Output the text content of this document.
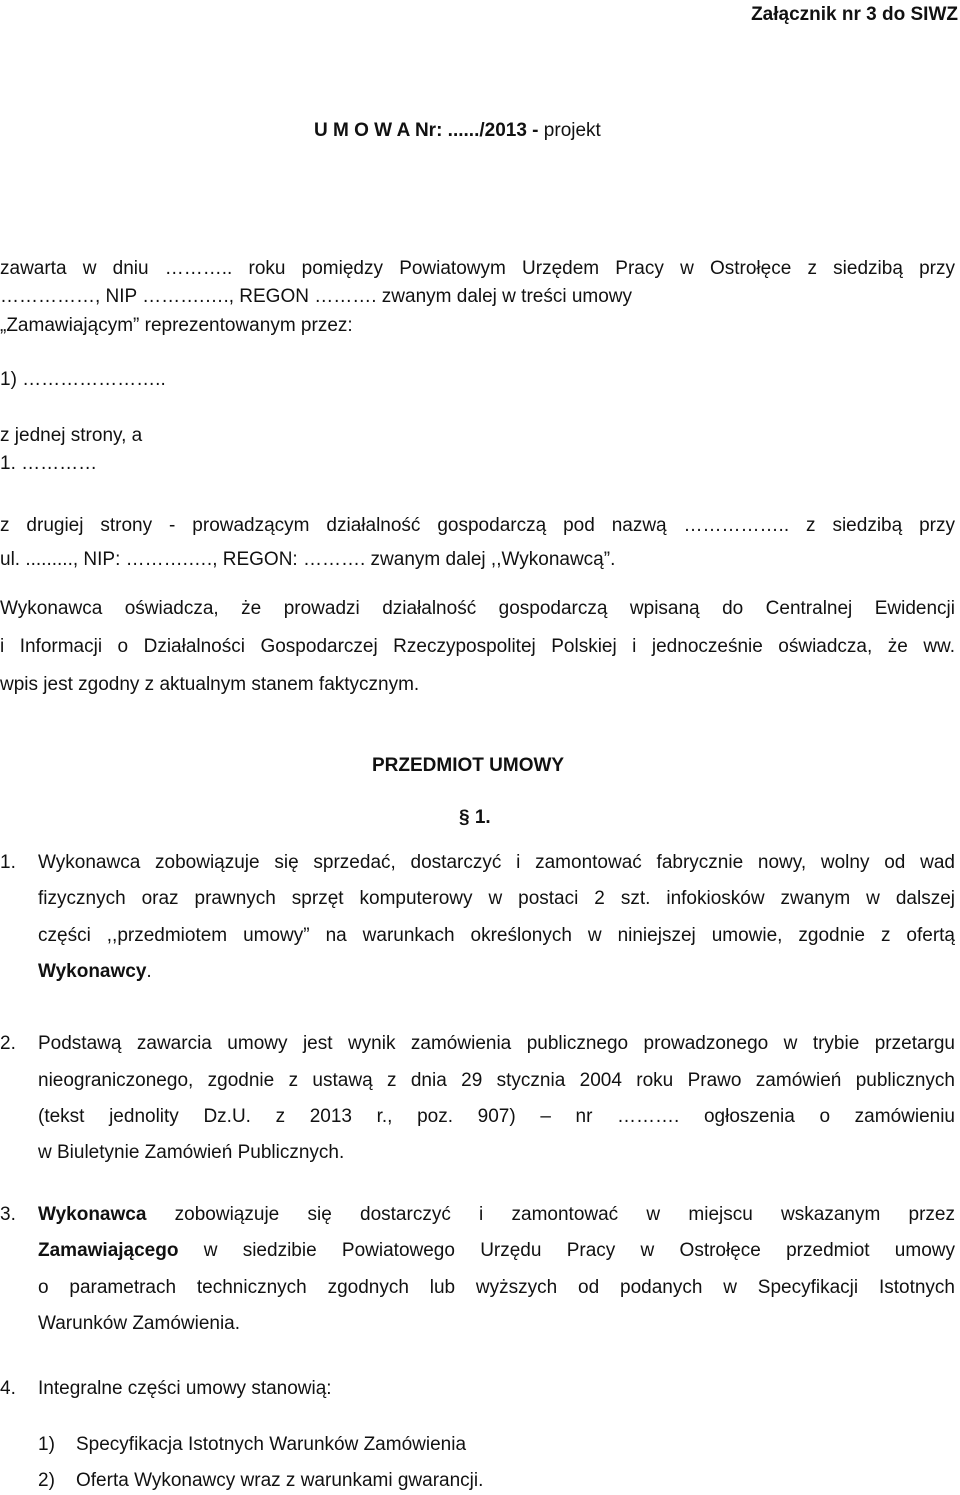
Załącznik nr 3 do SIWZ
U M O W A Nr: ....../2013 - projekt
zawarta w dniu ……….. roku pomiędzy Powiatowym Urzędem Pracy w Ostrołęce z siedzibą przy
……………, NIP ……….…., REGON ………. zwanym dalej w treści umowy
„Zamawiającym” reprezentowanym przez:
1) …………………..
z jednej strony, a
1. …………
z drugiej strony - prowadzącym działalność gospodarczą pod nazwą …………….. z siedzibą przy
ul. ........., NIP: ……….…., REGON: ………. zwanym dalej ,,Wykonawcą”.
Wykonawca oświadcza, że prowadzi działalność gospodarczą wpisaną do Centralnej Ewidencji
i Informacji o Działalności Gospodarczej Rzeczypospolitej Polskiej i jednocześnie oświadcza, że ww.
wpis jest zgodny z aktualnym stanem faktycznym.
PRZEDMIOT UMOWY
§ 1.
1. Wykonawca zobowiązuje się sprzedać, dostarczyć i zamontować fabrycznie nowy, wolny od wad
fizycznych oraz prawnych sprzęt komputerowy w postaci 2 szt. infokiosków zwanym w dalszej
części ,,przedmiotem umowy” na warunkach określonych w niniejszej umowie, zgodnie z ofertą
Wykonawcy.
2. Podstawą zawarcia umowy jest wynik zamówienia publicznego prowadzonego w trybie przetargu
nieograniczonego, zgodnie z ustawą z dnia 29 stycznia 2004 roku Prawo zamówień publicznych
(tekst jednolity Dz.U. z 2013 r., poz. 907) – nr ………. ogłoszenia o zamówieniu
w Biuletynie Zamówień Publicznych.
3. Wykonawca zobowiązuje się dostarczyć i zamontować w miejscu wskazanym przez
Zamawiającego w siedzibie Powiatowego Urzędu Pracy w Ostrołęce przedmiot umowy
o parametrach technicznych zgodnych lub wyższych od podanych w Specyfikacji Istotnych
Warunków Zamówienia.
4. Integralne części umowy stanowią:
1) Specyfikacja Istotnych Warunków Zamówienia
2) Oferta Wykonawcy wraz z warunkami gwarancji.
